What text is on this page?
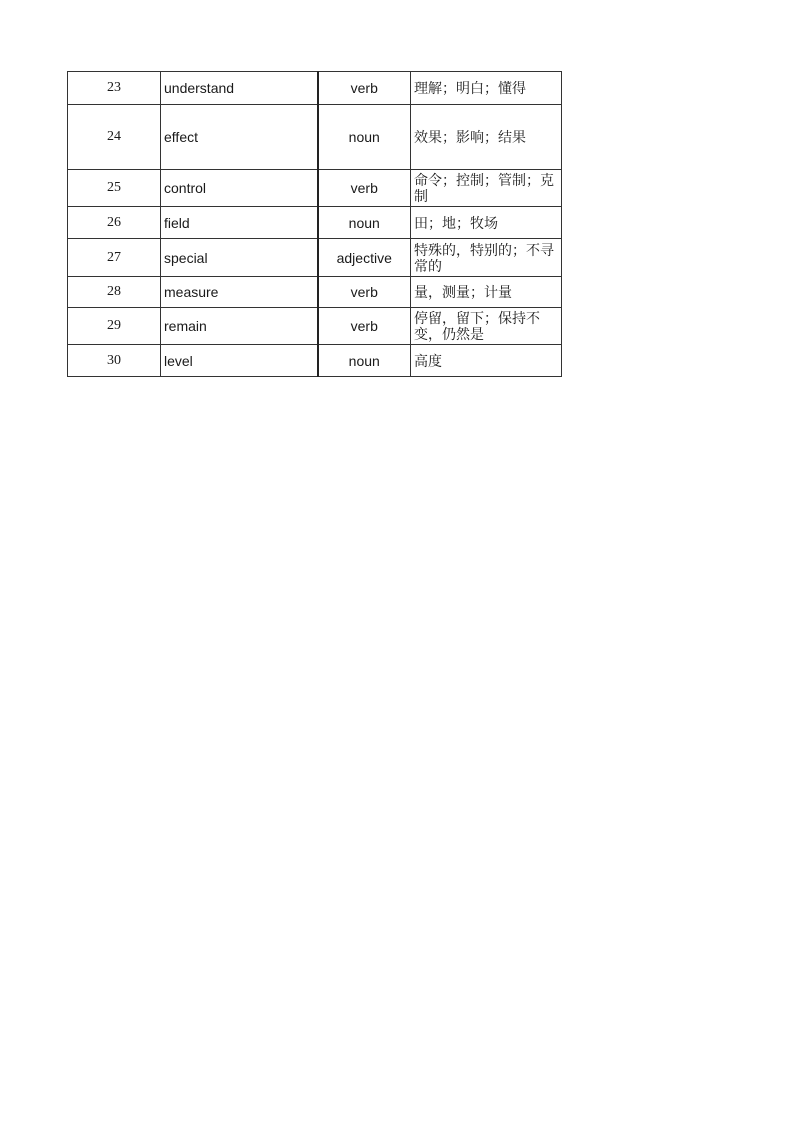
23	understand	verb	理解；明白；懂得
24	effect	noun	效果；影响；结果
25	control	verb	命令；控制；管制；克制
26	field	noun	田；地；牧场
27	special	adjective	特殊的，特别的；不寻常的
28	measure	verb	量，测量；计量
29	remain	verb	停留，留下；保持不变，仍然是
30	level	noun	高度
